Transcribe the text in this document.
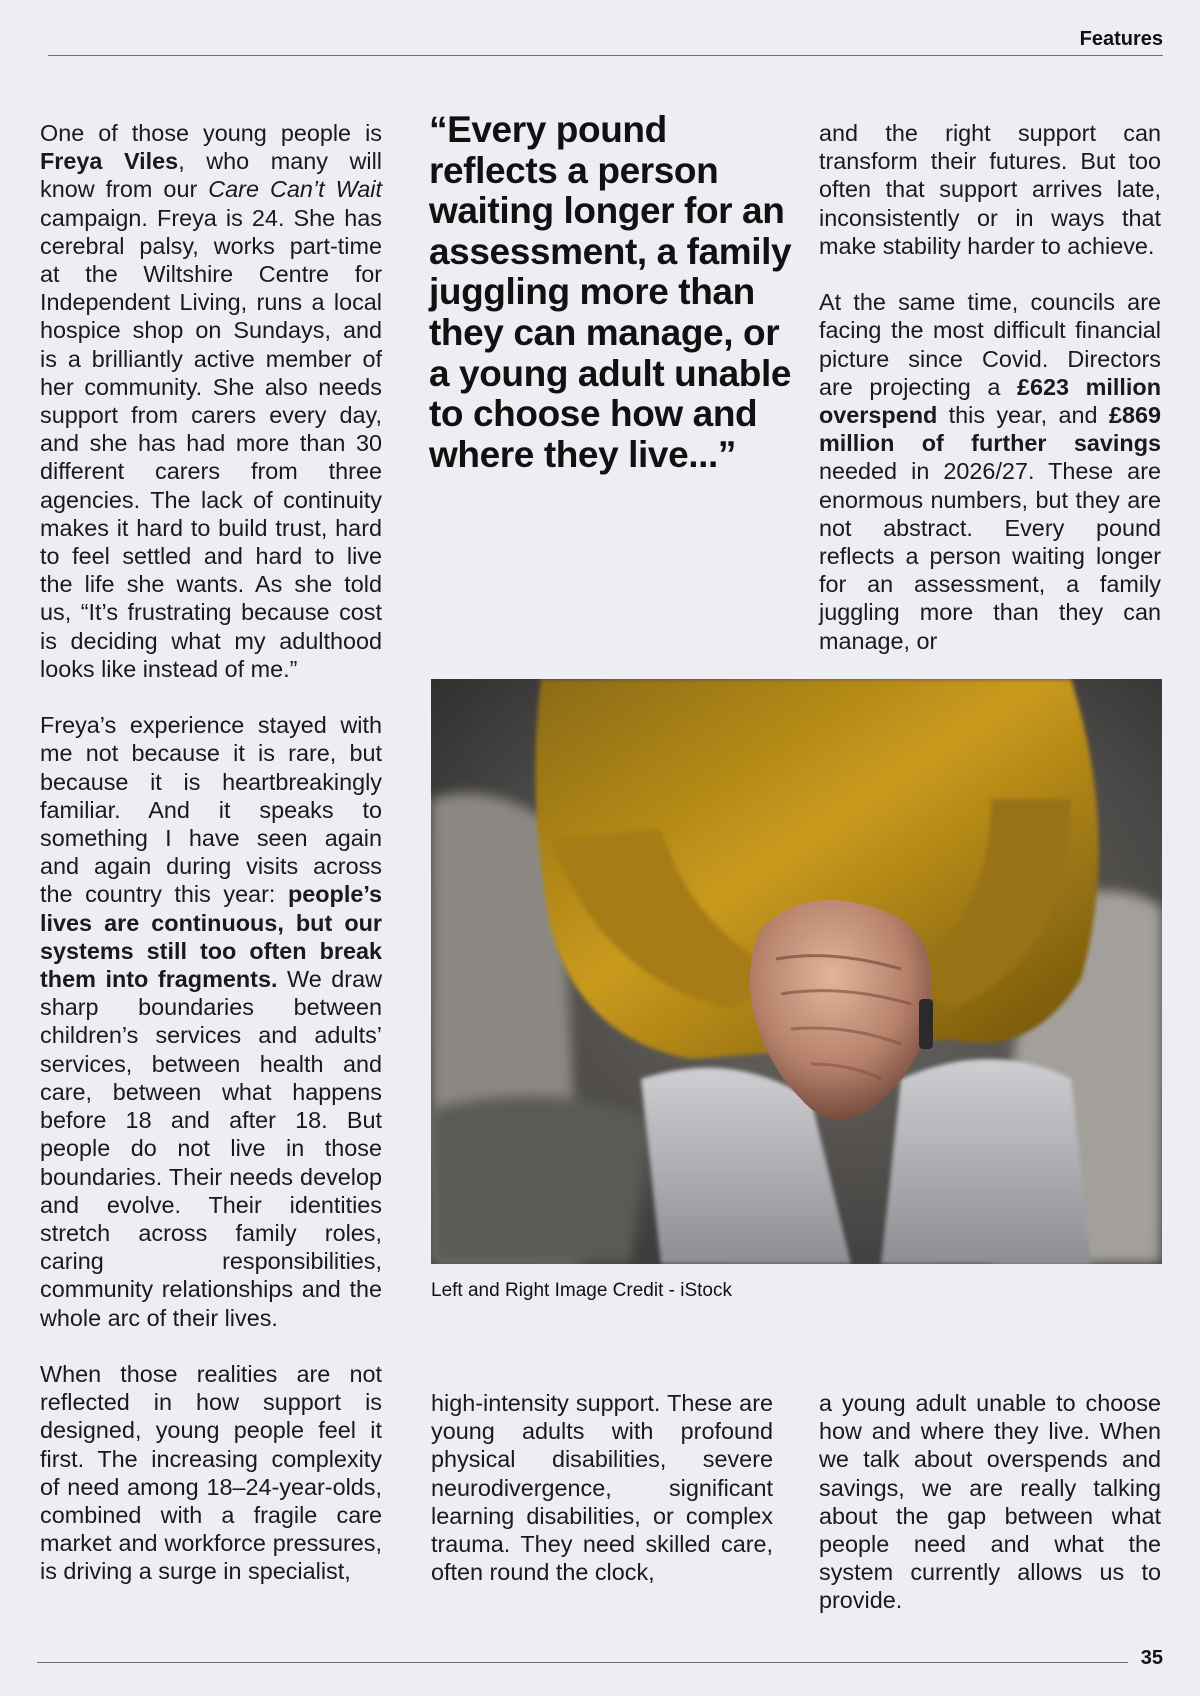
Features

One of those young people is Freya Viles, who many will know from our Care Can’t Wait campaign. Freya is 24. She has cerebral palsy, works part-time at the Wiltshire Centre for Independent Living, runs a local hospice shop on Sundays, and is a brilliantly active member of her community. She also needs support from carers every day, and she has had more than 30 different carers from three agencies. The lack of continuity makes it hard to build trust, hard to feel settled and hard to live the life she wants. As she told us, “It’s frustrating because cost is deciding what my adulthood looks like instead of me.”

Freya’s experience stayed with me not because it is rare, but because it is heartbreakingly familiar. And it speaks to something I have seen again and again during visits across the country this year: people’s lives are continuous, but our systems still too often break them into fragments. We draw sharp boundaries between children’s services and adults’ services, between health and care, between what happens before 18 and after 18. But people do not live in those boundaries. Their needs develop and evolve. Their identities stretch across family roles, caring responsibilities, community relationships and the whole arc of their lives.

When those realities are not reflected in how support is designed, young people feel it first. The increasing complexity of need among 18–24-year-olds, combined with a fragile care market and workforce pressures, is driving a surge in specialist,

“Every pound reflects a person waiting longer for an assessment, a family juggling more than they can manage, or a young adult unable to choose how and where they live...”

and the right support can transform their futures. But too often that support arrives late, inconsistently or in ways that make stability harder to achieve.

At the same time, councils are facing the most difficult financial picture since Covid. Directors are projecting a £623 million overspend this year, and £869 million of further savings needed in 2026/27. These are enormous numbers, but they are not abstract. Every pound reflects a person waiting longer for an assessment, a family juggling more than they can manage, or

Left and Right Image Credit - iStock

high-intensity support. These are young adults with profound physical disabilities, severe neurodivergence, significant learning disabilities, or complex trauma. They need skilled care, often round the clock,

a young adult unable to choose how and where they live. When we talk about overspends and savings, we are really talking about the gap between what people need and what the system currently allows us to provide.

35
